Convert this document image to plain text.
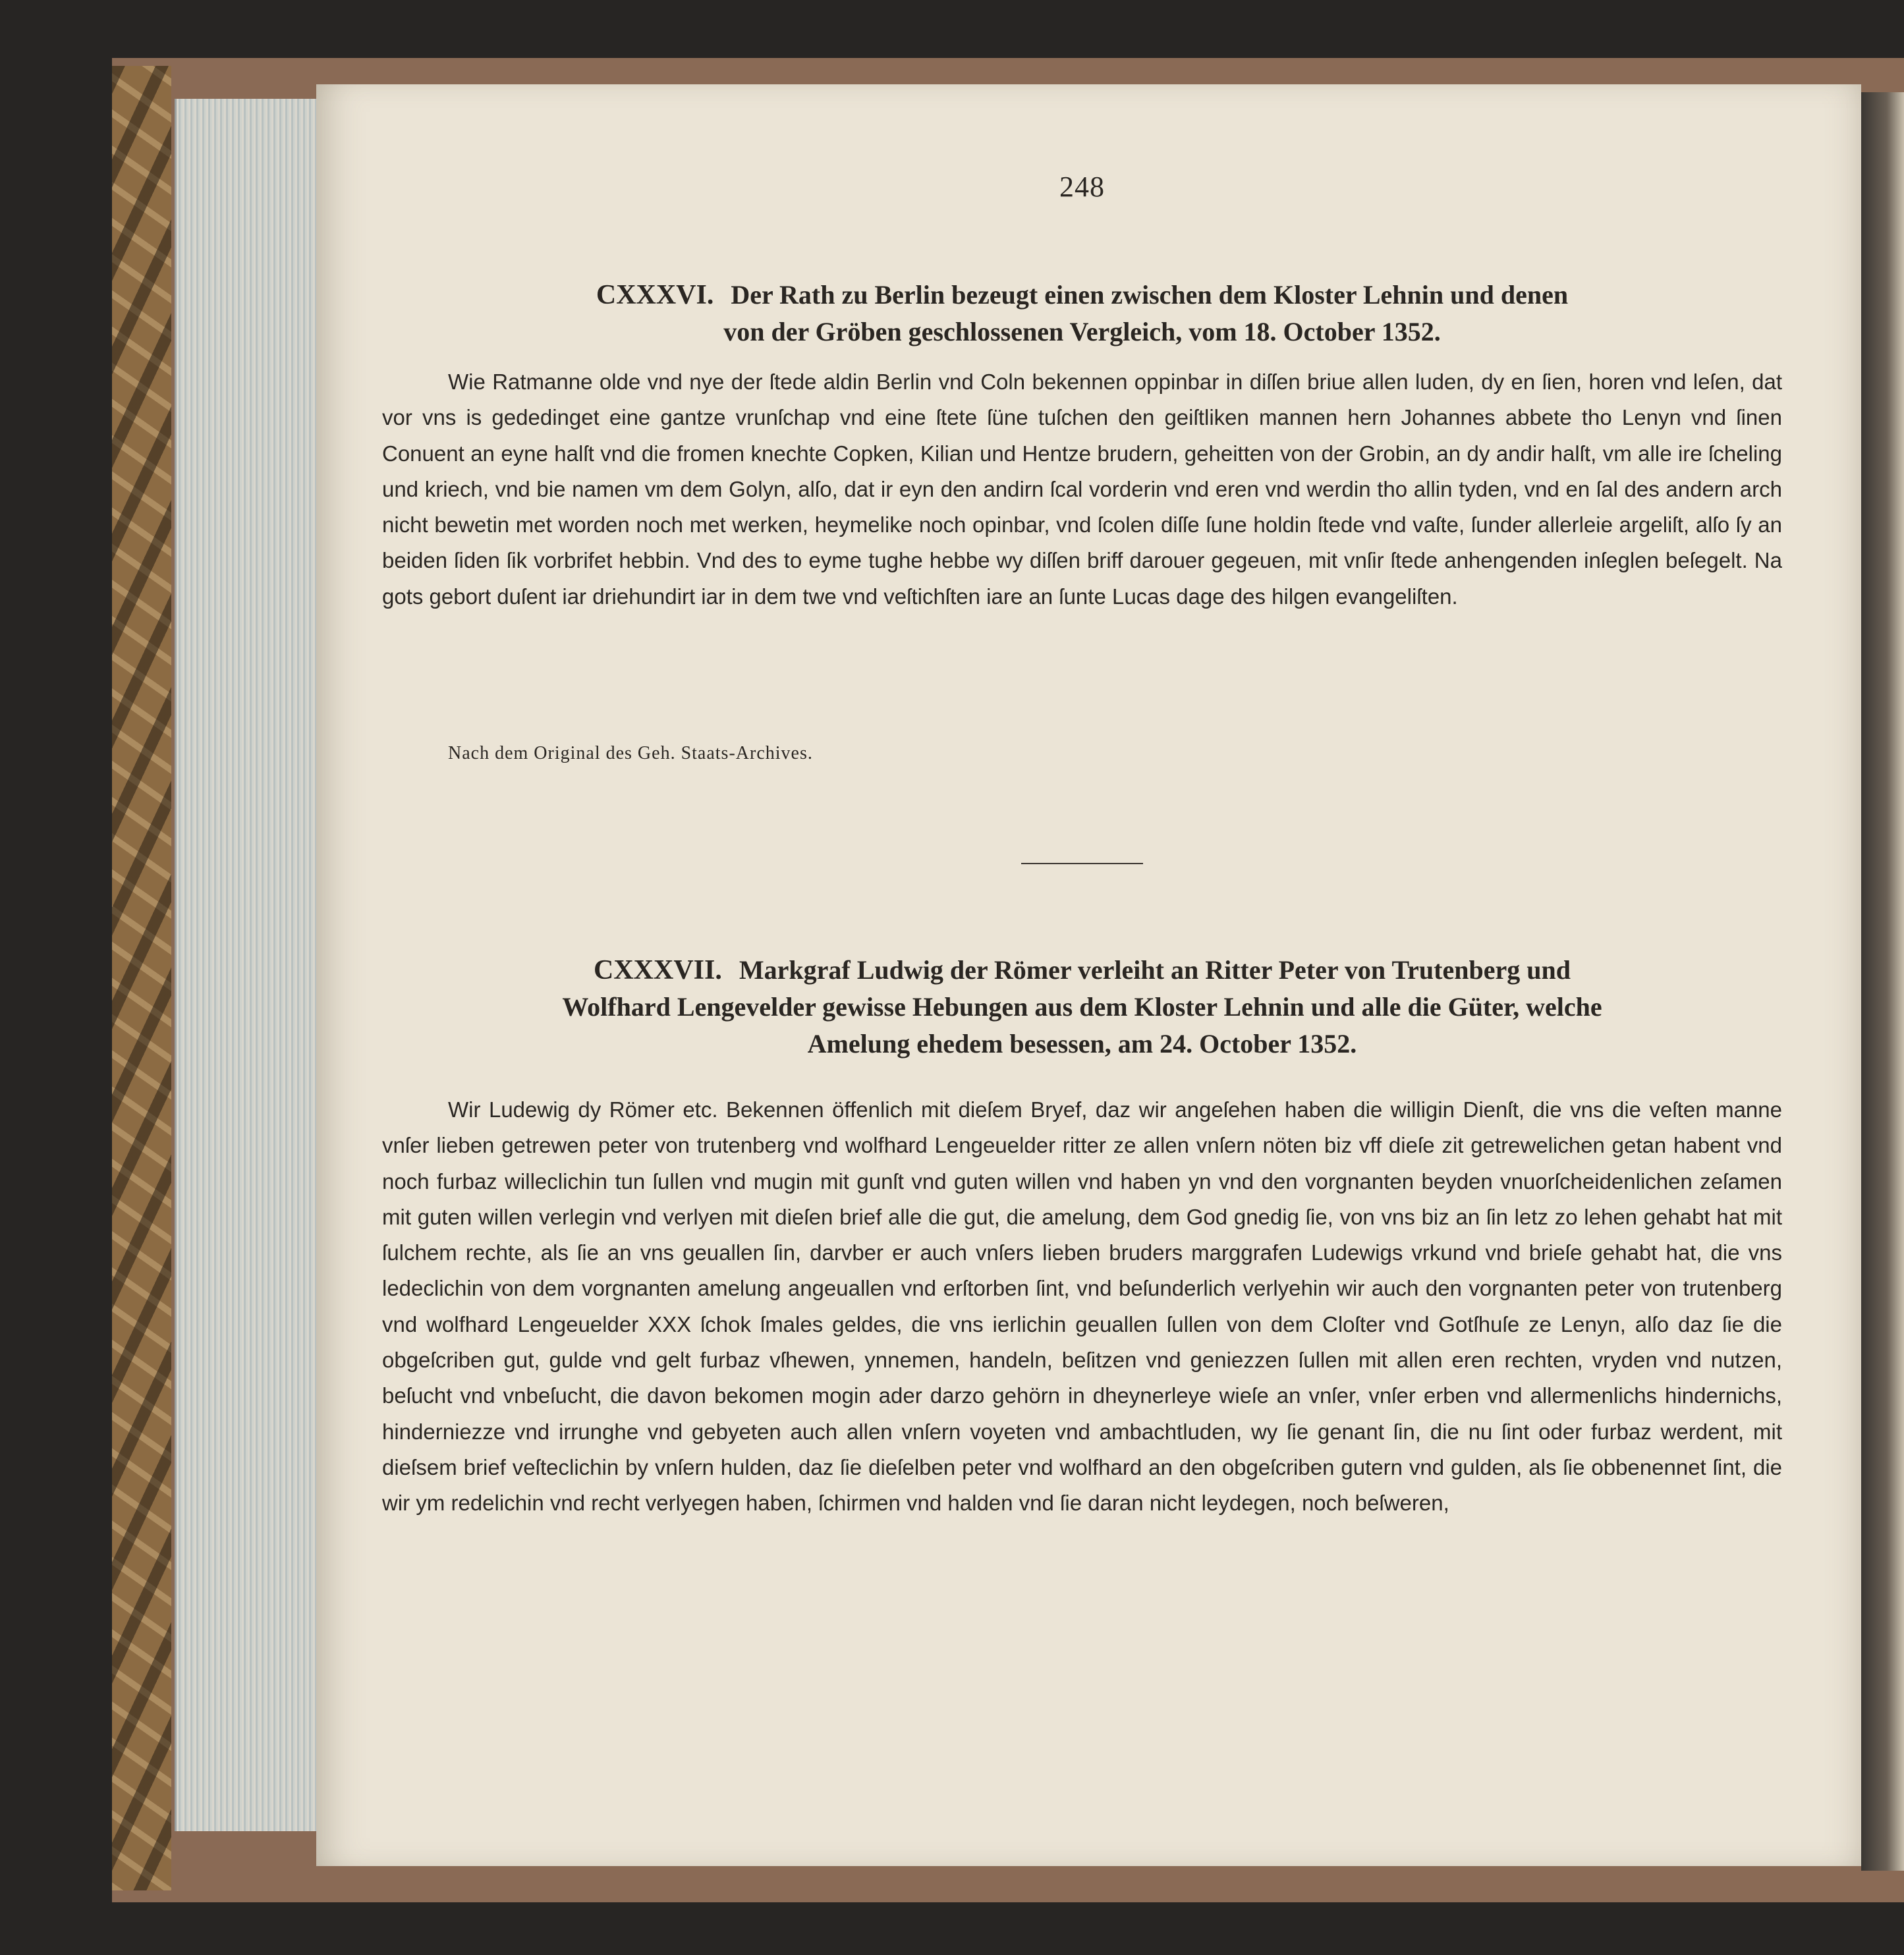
248
CXXXVI. Der Rath zu Berlin bezeugt einen zwischen dem Kloster Lehnin und denen
von der Gröben geschlossenen Vergleich, vom 18. October 1352.

Wie Ratmanne olde vnd nye der ſtede aldin Berlin vnd Coln bekennen oppinbar in diſſen briue allen luden, dy en ſien, horen vnd leſen, dat vor vns is gededinget eine gantze vrunſchap vnd eine ſtete ſüne tuſchen den geiſtliken mannen hern Johannes abbete tho Lenyn vnd ſinen Conuent an eyne halſt vnd die fromen knechte Copken, Kilian und Hentze brudern, geheitten von der Grobin, an dy andir halſt, vm alle ire ſcheling und kriech, vnd bie namen vm dem Golyn, alſo, dat ir eyn den andirn ſcal vorderin vnd eren vnd werdin tho allin tyden, vnd en ſal des andern arch nicht bewetin met worden noch met werken, heymelike noch opinbar, vnd ſcolen diſſe ſune holdin ſtede vnd vaſte, ſunder allerleie argeliſt, alſo ſy an beiden ſiden ſik vorbrifet hebbin. Vnd des to eyme tughe hebbe wy diſſen briff darouer gegeuen, mit vnſir ſtede anhengenden inſeglen beſegelt. Na gots gebort duſent iar driehundirt iar in dem twe vnd veſtichſten iare an ſunte Lucas dage des hilgen evangeliſten.

Nach dem Original des Geh. Staats-Archives.
CXXXVII. Markgraf Ludwig der Römer verleiht an Ritter Peter von Trutenberg und
Wolfhard Lengevelder gewisse Hebungen aus dem Kloster Lehnin und alle die Güter, welche
Amelung ehedem besessen, am 24. October 1352.

Wir Ludewig dy Römer etc. Bekennen öffenlich mit dieſem Bryef, daz wir angeſehen haben die willigin Dienſt, die vns die veſten manne vnſer lieben getrewen peter von trutenberg vnd wolfhard Lengeuelder ritter ze allen vnſern nöten biz vff dieſe zit getrewelichen getan habent vnd noch furbaz willeclichin tun ſullen vnd mugin mit gunſt vnd guten willen vnd haben yn vnd den vorgnanten beyden vnuorſcheidenlichen zeſamen mit guten willen verlegin vnd verlyen mit dieſen brief alle die gut, die amelung, dem God gnedig ſie, von vns biz an ſin letz zo lehen gehabt hat mit ſulchem rechte, als ſie an vns geuallen ſin, darvber er auch vnſers lieben bruders marggrafen Ludewigs vrkund vnd brieſe gehabt hat, die vns ledeclichin von dem vorgnanten amelung angeuallen vnd erſtorben ſint, vnd beſunderlich verlyehin wir auch den vorgnanten peter von trutenberg vnd wolfhard Lengeuelder XXX ſchok ſmales geldes, die vns ierlichin geuallen ſullen von dem Cloſter vnd Gotſhuſe ze Lenyn, alſo daz ſie die obgeſcriben gut, gulde vnd gelt furbaz vſhewen, ynnemen, handeln, beſitzen vnd geniezzen ſullen mit allen eren rechten, vryden vnd nutzen, beſucht vnd vnbeſucht, die davon bekomen mogin ader darzo gehörn in dheynerleye wieſe an vnſer, vnſer erben vnd allermenlichs hindernichs, hinderniezze vnd irrunghe vnd gebyeten auch allen vnſern voyeten vnd ambachtluden, wy ſie genant ſin, die nu ſint oder furbaz werdent, mit dieſsem brief veſteclichin by vnſern hulden, daz ſie dieſelben peter vnd wolfhard an den obgeſcriben gutern vnd gulden, als ſie obbenennet ſint, die wir ym redelichin vnd recht verlyegen haben, ſchirmen vnd halden vnd ſie daran nicht leydegen, noch beſweren,
